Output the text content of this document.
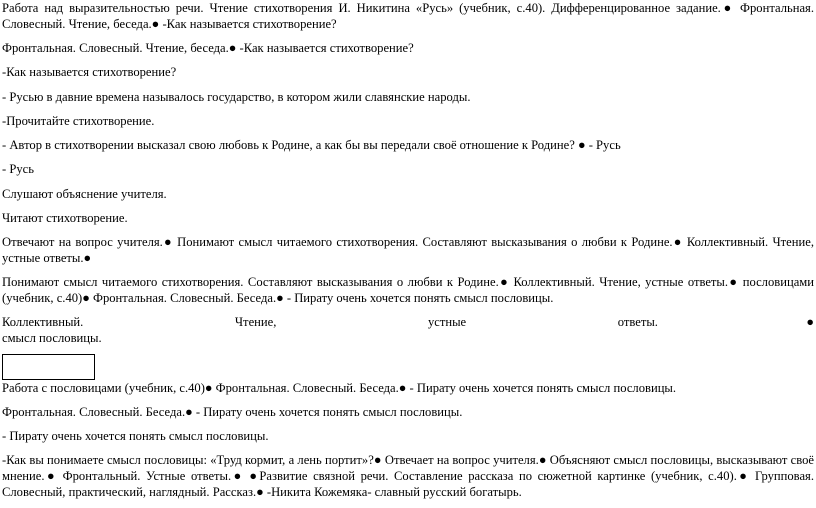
Работа над выразительностью речи. Чтение стихотворения И. Никитина «Русь» (учебник, с.40). Дифференцированное задание.● Фронтальная. Словесный. Чтение, беседа.● -Как называется стихотворение?

Фронтальная. Словесный. Чтение, беседа.● -Как называется стихотворение?

-Как называется стихотворение?

- Русью в давние времена называлось государство, в котором жили славянские народы.

-Прочитайте стихотворение.

- Автор в стихотворении высказал свою любовь к Родине, а как бы вы передали своё отношение к Родине? ● - Русь

- Русь

Слушают объяснение учителя.

Читают стихотворение.

Отвечают на вопрос учителя.● Понимают смысл читаемого стихотворения. Составляют высказывания о любви к Родине.● Коллективный. Чтение, устные ответы.●

Понимают смысл читаемого стихотворения. Составляют высказывания о любви к Родине.● Коллективный. Чтение, устные ответы.● пословицами (учебник, с.40)● Фронтальная. Словесный. Беседа.● - Пирату очень хочется понять смысл пословицы.

Коллективный.	Чтение,	устные	ответы.●
смысл пословицы.

Работа с пословицами (учебник, с.40)● Фронтальная. Словесный. Беседа.● - Пирату очень хочется понять смысл пословицы.

Фронтальная. Словесный. Беседа.● - Пирату очень хочется понять смысл пословицы.

- Пирату очень хочется понять смысл пословицы.

-Как вы понимаете смысл пословицы: «Труд кормит, а лень портит»?● Отвечает на вопрос учителя.● Объясняют смысл пословицы, высказывают своё мнение.● Фронтальный. Устные ответы.● ●Развитие связной речи. Составление рассказа по сюжетной картинке (учебник, с.40).● Групповая. Словесный, практический, наглядный. Рассказ.● -Никита Кожемяка- славный русский богатырь.
